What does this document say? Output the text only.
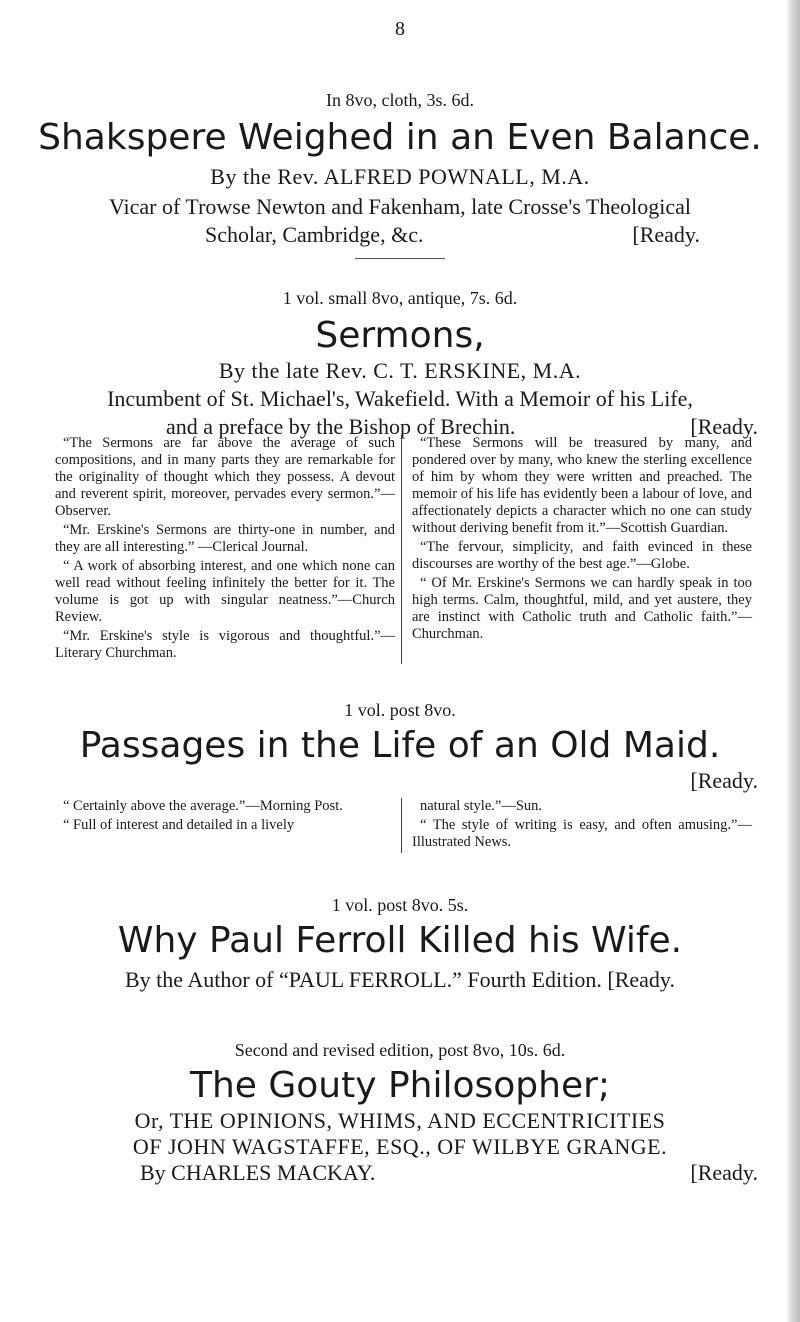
8
In 8vo, cloth, 3s. 6d.
Shakspere Weighed in an Even Balance.
By the Rev. ALFRED POWNALL, M.A.
Vicar of Trowse Newton and Fakenham, late Crosse's Theological
Scholar, Cambridge, &c.	[Ready.
1 vol. small 8vo, antique, 7s. 6d.
Sermons,
By the late Rev. C. T. ERSKINE, M.A.
Incumbent of St. Michael's, Wakefield. With a Memoir of his Life,
and a preface by the Bishop of Brechin.	[Ready.

“The Sermons are far above the average of such compositions, and in many parts they are remarkable for the originality of thought which they possess. A devout and reverent spirit, moreover, pervades every sermon.”—Observer.

“Mr. Erskine's Sermons are thirty-one in number, and they are all interesting.” —Clerical Journal.

“ A work of absorbing interest, and one which none can well read without feeling infinitely the better for it. The volume is got up with singular neatness.”—Church Review.

“Mr. Erskine's style is vigorous and thoughtful.”—Literary Churchman.

“These Sermons will be treasured by many, and pondered over by many, who knew the sterling excellence of him by whom they were written and preached. The memoir of his life has evidently been a labour of love, and affectionately depicts a character which no one can study without deriving benefit from it.”—Scottish Guardian.

“The fervour, simplicity, and faith evinced in these discourses are worthy of the best age.”—Globe.

“ Of Mr. Erskine's Sermons we can hardly speak in too high terms. Calm, thoughtful, mild, and yet austere, they are instinct with Catholic truth and Catholic faith.”—Churchman.

1 vol. post 8vo.
Passages in the Life of an Old Maid.
[Ready.

“ Certainly above the average.”—Morning Post.

“ Full of interest and detailed in a lively

natural style.”—Sun.

“ The style of writing is easy, and often amusing.”—Illustrated News.

1 vol. post 8vo. 5s.
Why Paul Ferroll Killed his Wife.
By the Author of “PAUL FERROLL.” Fourth Edition. [Ready.
Second and revised edition, post 8vo, 10s. 6d.
The Gouty Philosopher;
Or, THE OPINIONS, WHIMS, AND ECCENTRICITIES
OF JOHN WAGSTAFFE, ESQ., OF WILBYE GRANGE.
By CHARLES MACKAY.	[Ready.
